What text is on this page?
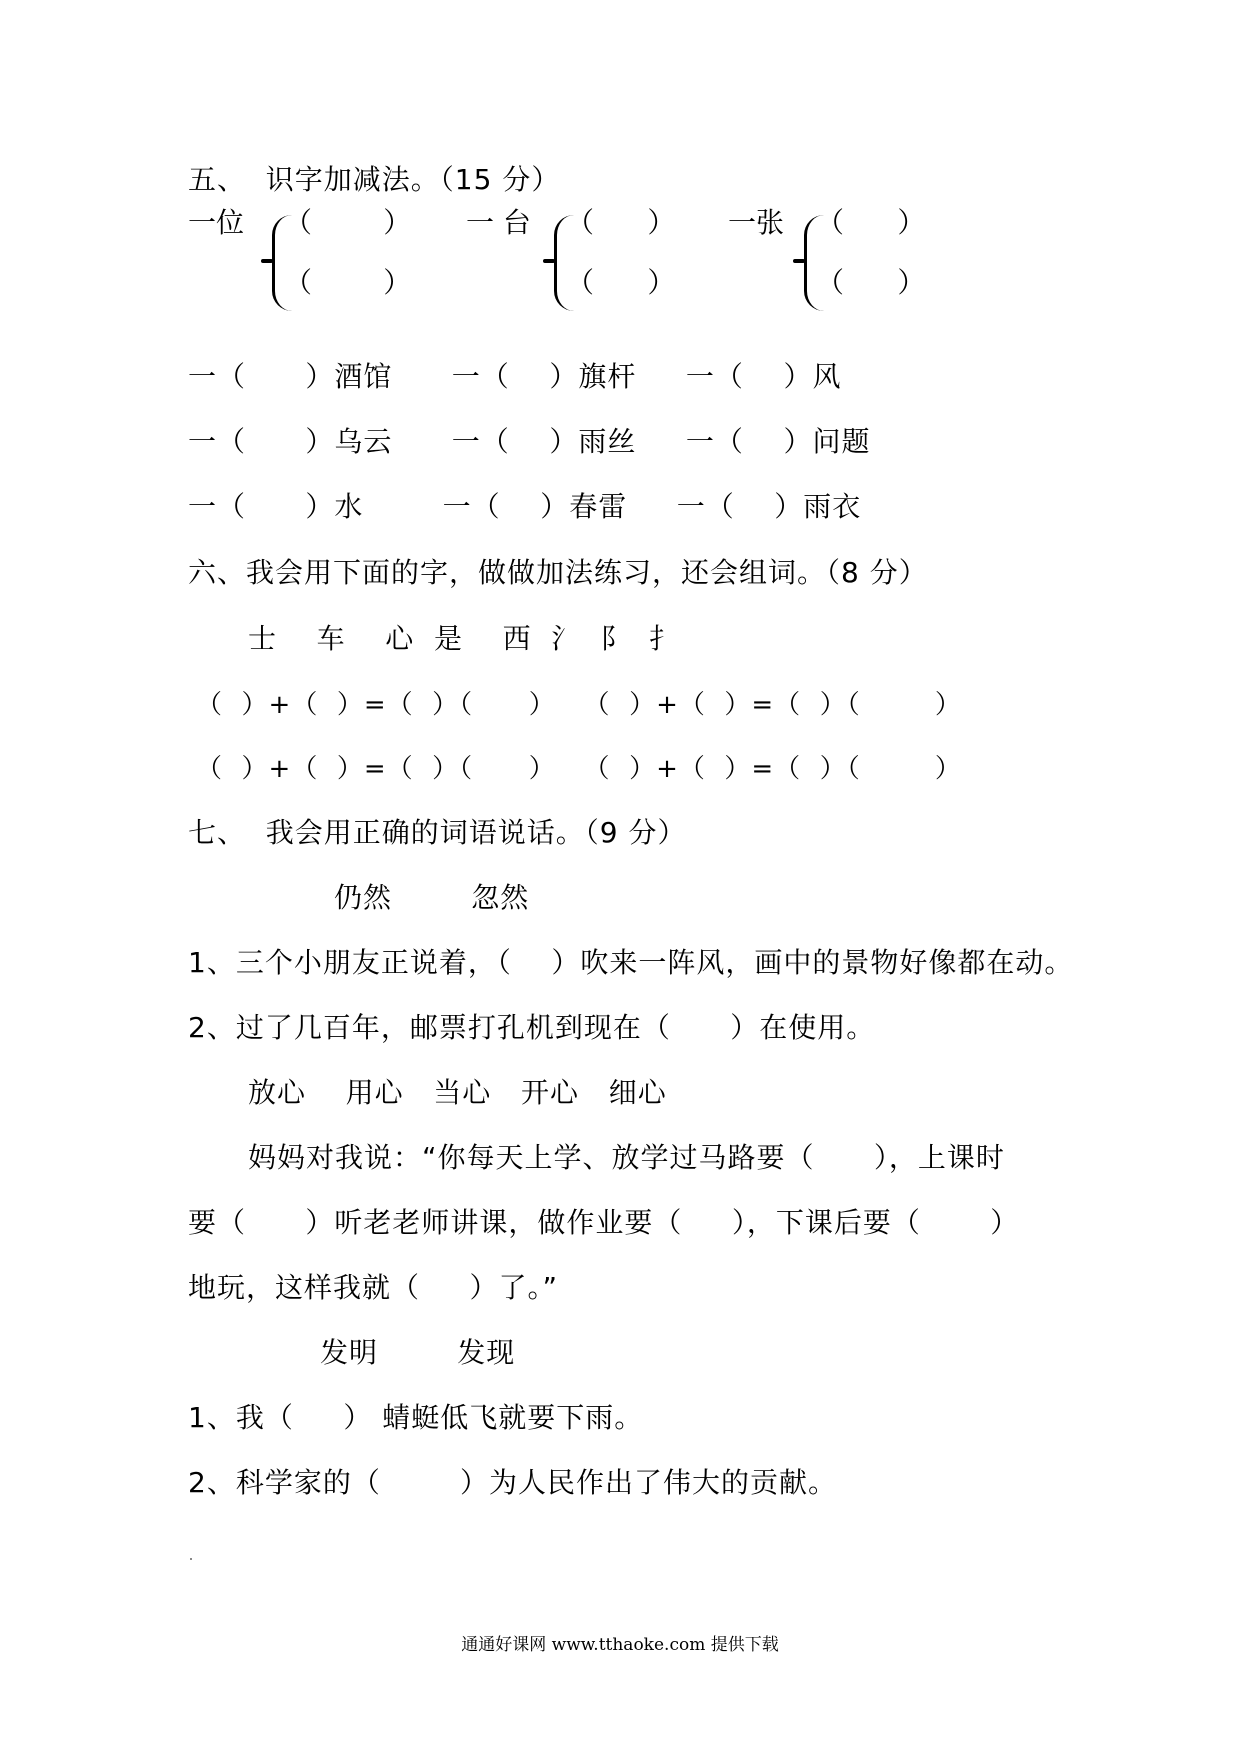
五、  识字加减法。（15 分）
一位 （        ）
（        ）
一 台 （      ）
（      ）
一张 （      ）
（      ）
一（      ）酒馆      一（    ）旗杆     一（    ）风
一（      ）乌云      一（    ）雨丝     一（    ）问题
一（      ）水        一（    ）春雷     一（    ）雨衣
六、我会用下面的字，做做加法练习，还会组词。（8 分）
士    车    心  是    西  氵  阝  扌
（  ）+（  ）=（  ）（      ）   （  ）+（  ）=（  ）（        ）
（  ）+（  ）=（  ）（      ）   （  ）+（  ）=（  ）（        ）
七、  我会用正确的词语说话。（9 分）
仍然        忽然
1、三个小朋友正说着，（    ）吹来一阵风，画中的景物好像都在动。
2、过了几百年，邮票打孔机到现在（      ）在使用。
放心    用心   当心   开心   细心
妈妈对我说：“你每天上学、放学过马路要（      ），上课时
要（      ）听老老师讲课，做作业要（     ），下课后要（       ）
地玩，这样我就（     ）了。”
发明        发现
1、我（     ） 蜻蜓低飞就要下雨。
2、科学家的（        ）为人民作出了伟大的贡献。
通通好课网 www.tthaoke.com 提供下载
